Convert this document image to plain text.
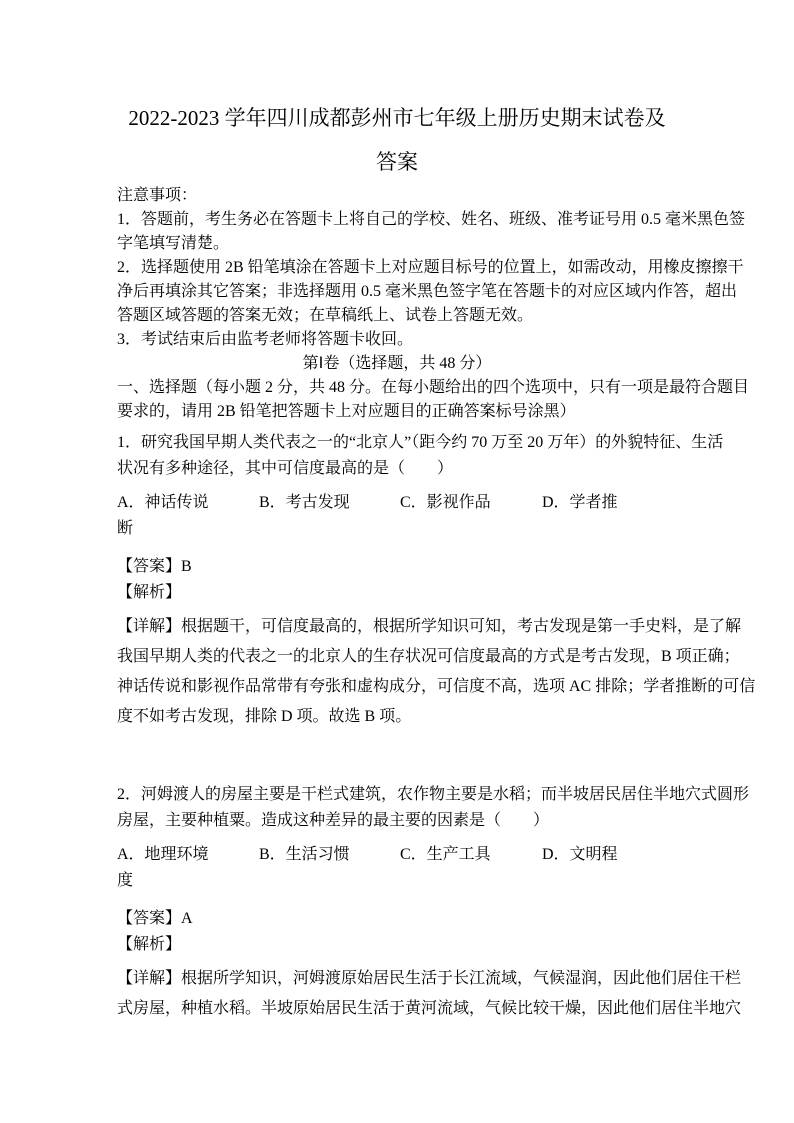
2022-2023 学年四川成都彭州市七年级上册历史期末试卷及
答案
注意事项：
1．答题前，考生务必在答题卡上将自己的学校、姓名、班级、准考证号用 0.5 毫米黑色签
字笔填写清楚。
2．选择题使用 2B 铅笔填涂在答题卡上对应题目标号的位置上，如需改动，用橡皮擦擦干
净后再填涂其它答案；非选择题用 0.5 毫米黑色签字笔在答题卡的对应区域内作答，超出
答题区域答题的答案无效；在草稿纸上、试卷上答题无效。
3．考试结束后由监考老师将答题卡收回。
第Ⅰ卷（选择题，共 48 分）
一、选择题（每小题 2 分，共 48 分。在每小题给出的四个选项中，只有一项是最符合题目
要求的，请用 2B 铅笔把答题卡上对应题目的正确答案标号涂黑）
1．研究我国早期人类代表之一的“北京人”（距今约 70 万至 20 万年）的外貌特征、生活
状况有多种途径，其中可信度最高的是（　　）
A．神话传说	B．考古发现	C．影视作品	D．学者推
断
【答案】B
【解析】
【详解】根据题干，可信度最高的，根据所学知识可知，考古发现是第一手史料，是了解
我国早期人类的代表之一的北京人的生存状况可信度最高的方式是考古发现，B 项正确；
神话传说和影视作品常带有夸张和虚构成分，可信度不高，选项 AC 排除；学者推断的可信
度不如考古发现，排除 D 项。故选 B 项。
2．河姆渡人的房屋主要是干栏式建筑，农作物主要是水稻；而半坡居民居住半地穴式圆形
房屋，主要种植粟。造成这种差异的最主要的因素是（　　）
A．地理环境	B．生活习惯	C．生产工具	D．文明程
度
【答案】A
【解析】
【详解】根据所学知识，河姆渡原始居民生活于长江流域，气候湿润，因此他们居住干栏
式房屋，种植水稻。半坡原始居民生活于黄河流域，气候比较干燥，因此他们居住半地穴
